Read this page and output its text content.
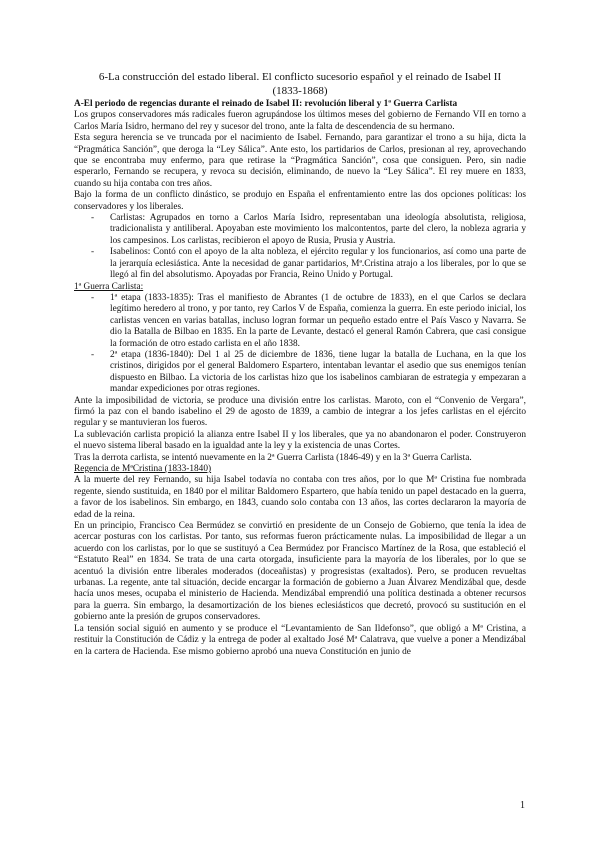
6-La construcción del estado liberal. El conflicto sucesorio español y el reinado de Isabel II

(1833-1868)

A-El periodo de regencias durante el reinado de Isabel II: revolución liberal y 1ª Guerra Carlista

Los grupos conservadores más radicales fueron agrupándose los últimos meses del gobierno de Fernando VII en torno a Carlos María Isidro, hermano del rey y sucesor del trono, ante la falta de descendencia de su hermano.

Esta segura herencia se ve truncada por el nacimiento de Isabel. Fernando, para garantizar el trono a su hija, dicta la “Pragmática Sanción”, que deroga la “Ley Sálica”. Ante esto, los partidarios de Carlos, presionan al rey, aprovechando que se encontraba muy enfermo, para que retirase la “Pragmática Sanción”, cosa que consiguen. Pero, sin nadie esperarlo, Fernando se recupera, y revoca su decisión, eliminando, de nuevo la “Ley Sálica”. El rey muere en 1833, cuando su hija contaba con tres años.

Bajo la forma de un conflicto dinástico, se produjo en España el enfrentamiento entre las dos opciones políticas: los conservadores y los liberales.

- Carlistas: Agrupados en torno a Carlos María Isidro, representaban una ideología absolutista, religiosa, tradicionalista y antiliberal. Apoyaban este movimiento los malcontentos, parte del clero, la nobleza agraria y los campesinos. Los carlistas, recibieron el apoyo de Rusia, Prusia y Austria.
- Isabelinos: Contó con el apoyo de la alta nobleza, el ejército regular y los funcionarios, así como una parte de la jerarquía eclesiástica. Ante la necesidad de ganar partidarios, Mª.Cristina atrajo a los liberales, por lo que se llegó al fin del absolutismo. Apoyadas por Francia, Reino Unido y Portugal.

1ª Guerra Carlista:

- 1ª etapa (1833-1835): Tras el manifiesto de Abrantes (1 de octubre de 1833), en el que Carlos se declara legítimo heredero al trono, y por tanto, rey Carlos V de España, comienza la guerra. En este periodo inicial, los carlistas vencen en varias batallas, incluso logran formar un pequeño estado entre el País Vasco y Navarra. Se dio la Batalla de Bilbao en 1835. En la parte de Levante, destacó el general Ramón Cabrera, que casi consigue la formación de otro estado carlista en el año 1838.
- 2ª etapa (1836-1840): Del 1 al 25 de diciembre de 1836, tiene lugar la batalla de Luchana, en la que los cristinos, dirigidos por el general Baldomero Espartero, intentaban levantar el asedio que sus enemigos tenían dispuesto en Bilbao. La victoria de los carlistas hizo que los isabelinos cambiaran de estrategia y empezaran a mandar expediciones por otras regiones.

Ante la imposibilidad de victoria, se produce una división entre los carlistas. Maroto, con el “Convenio de Vergara”, firmó la paz con el bando isabelino el 29 de agosto de 1839, a cambio de integrar a los jefes carlistas en el ejército regular y se mantuvieran los fueros.

La sublevación carlista propició la alianza entre Isabel II y los liberales, que ya no abandonaron el poder. Construyeron el nuevo sistema liberal basado en la igualdad ante la ley y la existencia de unas Cortes.

Tras la derrota carlista, se intentó nuevamente en la 2ª Guerra Carlista (1846-49) y en la 3ª Guerra Carlista.

Regencia de MªCristina (1833-1840)

A la muerte del rey Fernando, su hija Isabel todavía no contaba con tres años, por lo que Mª Cristina fue nombrada regente, siendo sustituida, en 1840 por el militar Baldomero Espartero, que había tenido un papel destacado en la guerra, a favor de los isabelinos. Sin embargo, en 1843, cuando solo contaba con 13 años, las cortes declararon la mayoría de edad de la reina.

En un principio, Francisco Cea Bermúdez se convirtió en presidente de un Consejo de Gobierno, que tenía la idea de acercar posturas con los carlistas. Por tanto, sus reformas fueron prácticamente nulas. La imposibilidad de llegar a un acuerdo con los carlistas, por lo que se sustituyó a Cea Bermúdez por Francisco Martínez de la Rosa, que estableció el “Estatuto Real” en 1834. Se trata de una carta otorgada, insuficiente para la mayoría de los liberales, por lo que se acentuó la división entre liberales moderados (doceañistas) y progresistas (exaltados). Pero, se producen revueltas urbanas. La regente, ante tal situación, decide encargar la formación de gobierno a Juan Álvarez Mendizábal que, desde hacía unos meses, ocupaba el ministerio de Hacienda. Mendizábal emprendió una política destinada a obtener recursos para la guerra. Sin embargo, la desamortización de los bienes eclesiásticos que decretó, provocó su sustitución en el gobierno ante la presión de grupos conservadores.

La tensión social siguió en aumento y se produce el “Levantamiento de San Ildefonso”, que obligó a Mª Cristina, a restituir la Constitución de Cádiz y la entrega de poder al exaltado José Mª Calatrava, que vuelve a poner a Mendizábal en la cartera de Hacienda. Ese mismo gobierno aprobó una nueva Constitución en junio de

1
